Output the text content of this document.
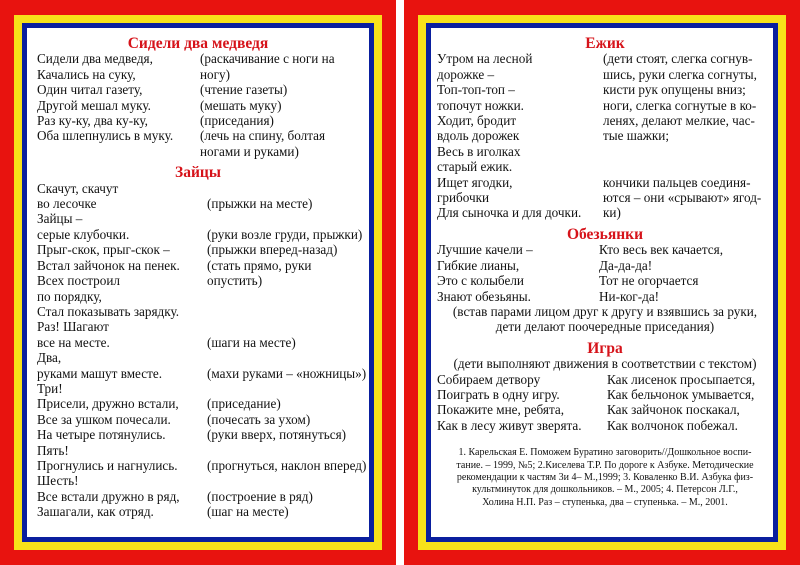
Сидели два медведя
Сидели два медведя,	(раскачивание с ноги на
Качались на суку,	ногу)
Один читал газету,	(чтение газеты)
Другой мешал муку.	(мешать муку)
Раз ку-ку, два ку-ку,	(приседания)
Оба шлепнулись в муку.	(лечь на спину, болтая
ногами и руками)
Зайцы
Скачут, скачут
во лесочке	(прыжки на месте)
Зайцы –
серые клубочки.	(руки возле груди, прыжки)
Прыг-скок, прыг-скок –	(прыжки вперед-назад)
Встал зайчонок на пенек.	(стать прямо, руки
Всех построил	опустить)
по порядку,
Стал показывать зарядку.
Раз! Шагают
все на месте.	(шаги на месте)
Два,
руками машут вместе.	(махи руками – «ножницы»)
Три!
Присели, дружно встали,	(приседание)
Все за ушком почесали.	(почесать за ухом)
На четыре потянулись.	(руки вверх, потянуться)
Пять!
Прогнулись и нагнулись.	(прогнуться, наклон вперед)
Шесть!
Все встали дружно в ряд,	(построение в ряд)
Зашагали, как отряд.	(шаг на месте)
Ежик
Утром на лесной	(дети стоят, слегка согнув-
дорожке –	шись, руки слегка согнуты,
Топ-топ-топ –	кисти рук опущены вниз;
топочут ножки.	ноги, слегка согнутые в ко-
Ходит, бродит	ленях, делают мелкие, час-
вдоль дорожек	тые шажки;
Весь в иголках
старый ежик.
Ищет ягодки,	кончики пальцев соединя-
грибочки	ются – они «срывают» ягод-
Для сыночка и для дочки.	ки)
Обезьянки
Лучшие качели –	Кто весь век качается,
Гибкие лианы,	Да-да-да!
Это с колыбели	Тот не огорчается
Знают обезьяны.	Ни-ког-да!
(встав парами лицом друг к другу и взявшись за руки,
дети делают поочередные приседания)
Игра
(дети выполняют движения в соответствии с текстом)
Собираем детвору	Как лисенок просыпается,
Поиграть в одну игру.	Как бельчонок умывается,
Покажите мне, ребята,	Как зайчонок поскакал,
Как в лесу живут зверята.	Как волчонок побежал.
1. Карельская Е. Поможем Буратино заговорить//Дошкольное воспи-
тание. – 1999, №5; 2.Киселева Т.Р. По дороге к Азбуке. Методические
рекомендации к частям 3и 4– М.,1999; 3. Коваленко В.И. Азбука физ-
культминуток для дошкольников. – М., 2005; 4. Петерсон Л.Г.,
Холина Н.П. Раз – ступенька, два – ступенька. – М., 2001.
